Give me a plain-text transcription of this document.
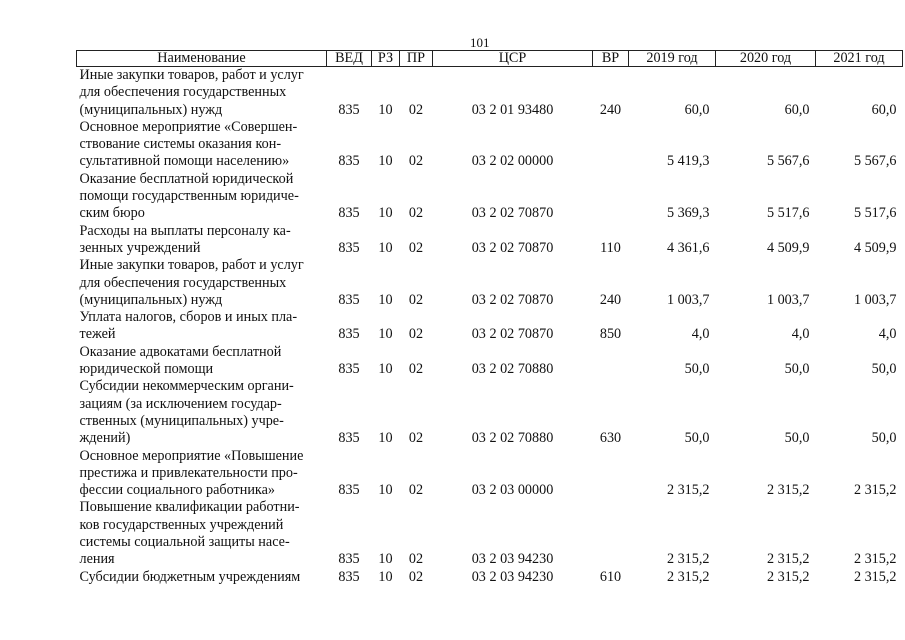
101
Наименование	ВЕД	РЗ	ПР	ЦСР	ВР	2019 год	2020 год	2021 год
Иные закупки товаров, работ и услуг
для обеспечения государственных
(муниципальных) нужд	835	10	02	03 2 01 93480	240	60,0	60,0	60,0
Основное мероприятие «Совершен-
ствование системы оказания кон-
сультативной помощи населению»	835	10	02	03 2 02 00000		5 419,3	5 567,6	5 567,6
Оказание бесплатной юридической
помощи государственным юридиче-
ским бюро	835	10	02	03 2 02 70870		5 369,3	5 517,6	5 517,6
Расходы на выплаты персоналу ка-
зенных учреждений	835	10	02	03 2 02 70870	110	4 361,6	4 509,9	4 509,9
Иные закупки товаров, работ и услуг
для обеспечения государственных
(муниципальных) нужд	835	10	02	03 2 02 70870	240	1 003,7	1 003,7	1 003,7
Уплата налогов, сборов и иных пла-
тежей	835	10	02	03 2 02 70870	850	4,0	4,0	4,0
Оказание адвокатами бесплатной
юридической помощи	835	10	02	03 2 02 70880		50,0	50,0	50,0
Субсидии некоммерческим органи-
зациям (за исключением государ-
ственных (муниципальных) учре-
ждений)	835	10	02	03 2 02 70880	630	50,0	50,0	50,0
Основное мероприятие «Повышение
престижа и привлекательности про-
фессии социального работника»	835	10	02	03 2 03 00000		2 315,2	2 315,2	2 315,2
Повышение квалификации работни-
ков государственных учреждений
системы социальной защиты насе-
ления	835	10	02	03 2 03 94230		2 315,2	2 315,2	2 315,2
Субсидии бюджетным учреждениям	835	10	02	03 2 03 94230	610	2 315,2	2 315,2	2 315,2
